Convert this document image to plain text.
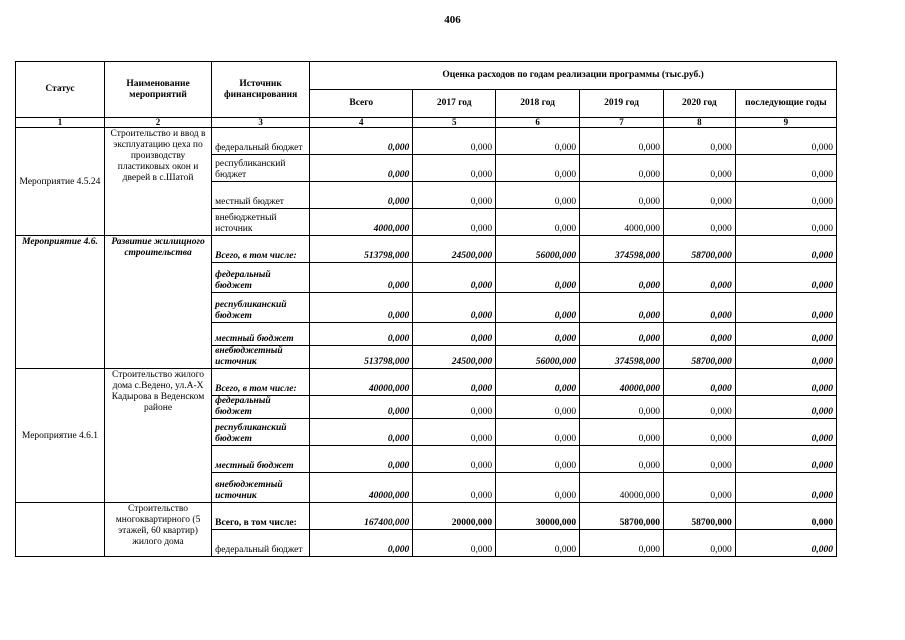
406
Статус	Наименование мероприятий	Источник финансирования	Оценка расходов по годам реализации программы (тыс.руб.)					
			Всего	2017 год	2018 год	2019 год	2020 год	последующие годы
1	2	3	4	5	6	7	8	9
Мероприятие 4.5.24	Строительство и ввод в эксплуатацию цеха по производству пластиковых окон и дверей в с.Шатой	федеральный бюджет	0,000	0,000	0,000	0,000	0,000	0,000
		республиканский бюджет	0,000	0,000	0,000	0,000	0,000	0,000
		местный бюджет	0,000	0,000	0,000	0,000	0,000	0,000
		внебюджетный источник	4000,000	0,000	0,000	4000,000	0,000	0,000
Мероприятие 4.6.	Развитие жилищного строительства	Всего, в том числе:	513798,000	24500,000	56000,000	374598,000	58700,000	0,000
		федеральный бюджет	0,000	0,000	0,000	0,000	0,000	0,000
		республиканский бюджет	0,000	0,000	0,000	0,000	0,000	0,000
		местный бюджет	0,000	0,000	0,000	0,000	0,000	0,000
		внебюджетный источник	513798,000	24500,000	56000,000	374598,000	58700,000	0,000
Мероприятие 4.6.1	Строительство жилого дома с.Ведено, ул.А-Х Кадырова в Веденском районе	Всего, в том числе:	40000,000	0,000	0,000	40000,000	0,000	0,000
		федеральный бюджет	0,000	0,000	0,000	0,000	0,000	0,000
		республиканский бюджет	0,000	0,000	0,000	0,000	0,000	0,000
		местный бюджет	0,000	0,000	0,000	0,000	0,000	0,000
		внебюджетный источник	40000,000	0,000	0,000	40000,000	0,000	0,000
	Строительство многоквартирного (5 этажей, 60 квартир) жилого дома	Всего, в том числе:	167400,000	20000,000	30000,000	58700,000	58700,000	0,000
		федеральный бюджет	0,000	0,000	0,000	0,000	0,000	0,000
